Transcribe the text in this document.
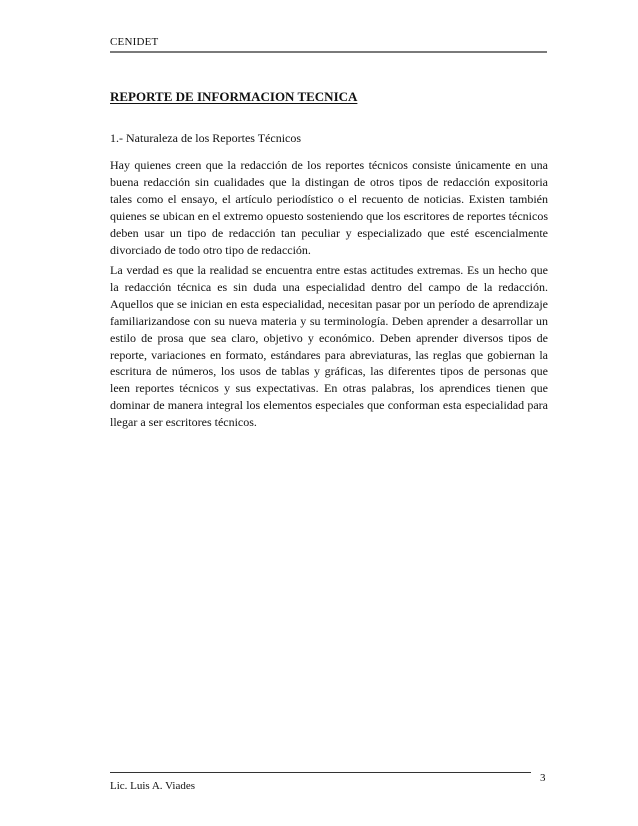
CENIDET
REPORTE DE INFORMACION TECNICA
1.- Naturaleza de los Reportes Técnicos

Hay quienes creen que la redacción de los reportes técnicos consiste únicamente en una buena redacción sin cualidades que la distingan de otros tipos de redacción expositoria tales como el ensayo, el artículo periodístico o el recuento de noticias. Existen también quienes se ubican en el extremo opuesto sosteniendo que los escritores de reportes técnicos deben usar un tipo de redacción tan peculiar y especializado que esté escencialmente divorciado de todo otro tipo de redacción.

La verdad es que la realidad se encuentra entre estas actitudes extremas. Es un hecho que la redacción técnica es sin duda una especialidad dentro del campo de la redacción. Aquellos que se inician en esta especialidad, necesitan pasar por un período de aprendizaje familiarizandose con su nueva materia y su terminología. Deben aprender a desarrollar un estilo de prosa que sea claro, objetivo y económico. Deben aprender diversos tipos de reporte, variaciones en formato, estándares para abreviaturas, las reglas que gobiernan la escritura de números, los usos de tablas y gráficas, las diferentes tipos de personas que leen reportes técnicos y sus expectativas. En otras palabras, los aprendices tienen que dominar de manera integral los elementos especiales que conforman esta especialidad para llegar a ser escritores técnicos.

Lic. Luis A. Viades
3
